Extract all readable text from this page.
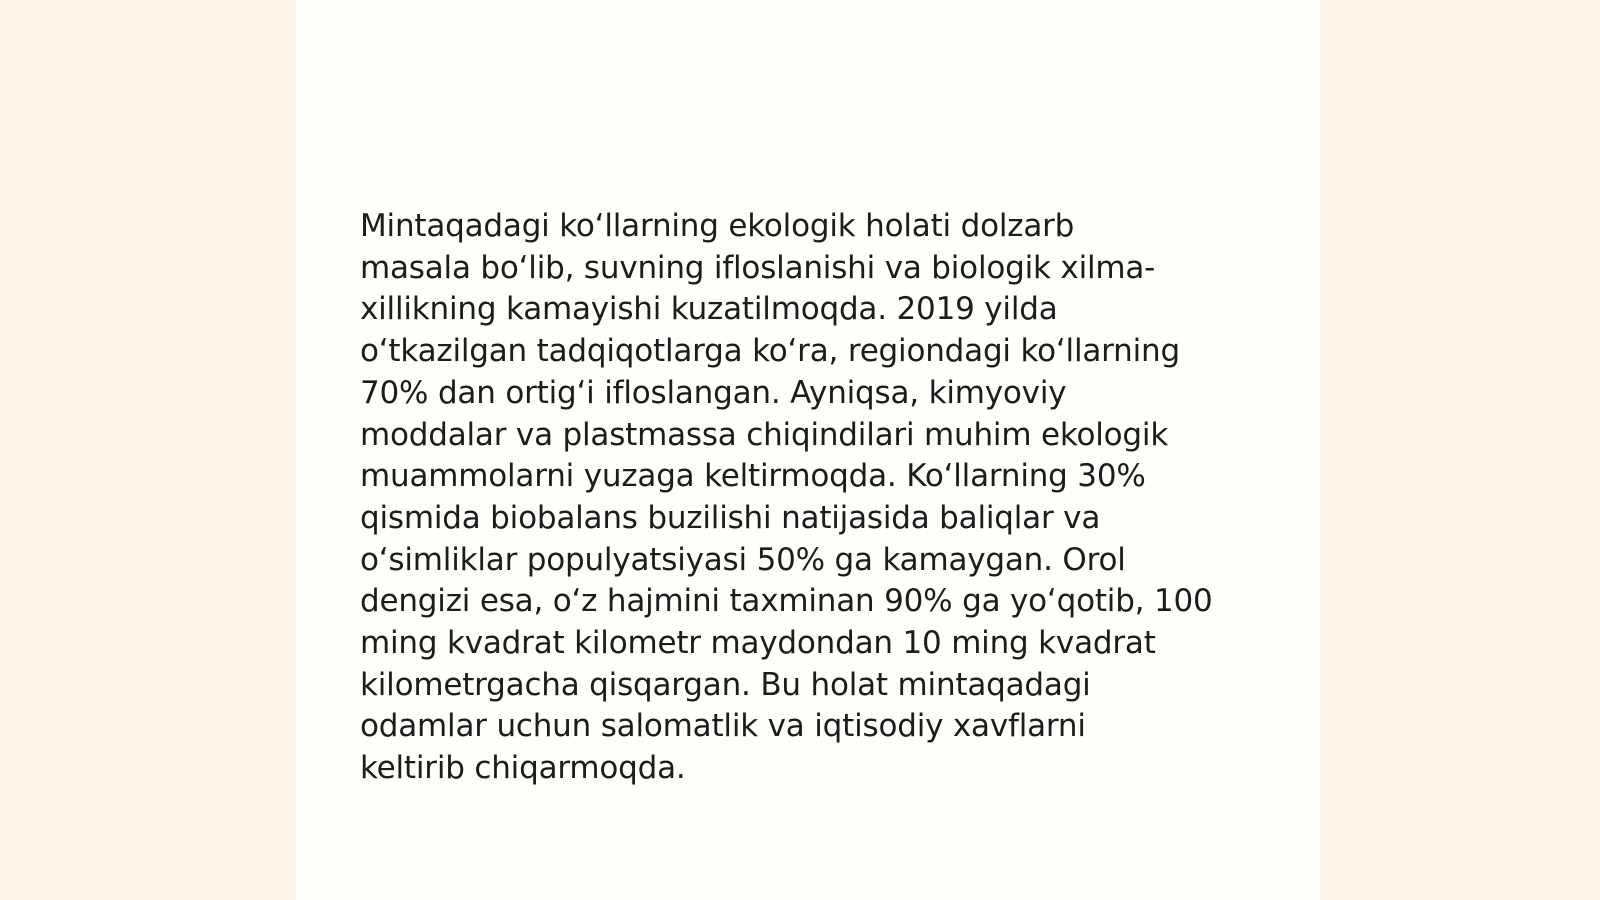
Mintaqadagi ko‘llarning ekologik holati dolzarb
masala bo‘lib, suvning ifloslanishi va biologik xilma-
xillikning kamayishi kuzatilmoqda. 2019 yilda
o‘tkazilgan tadqiqotlarga ko‘ra, regiondagi ko‘llarning
70% dan ortig‘i ifloslangan. Ayniqsa, kimyoviy
moddalar va plastmassa chiqindilari muhim ekologik
muammolarni yuzaga keltirmoqda. Ko‘llarning 30%
qismida biobalans buzilishi natijasida baliqlar va
o‘simliklar populyatsiyasi 50% ga kamaygan. Orol
dengizi esa, o‘z hajmini taxminan 90% ga yo‘qotib, 100
ming kvadrat kilometr maydondan 10 ming kvadrat
kilometrgacha qisqargan. Bu holat mintaqadagi
odamlar uchun salomatlik va iqtisodiy xavflarni
keltirib chiqarmoqda.
